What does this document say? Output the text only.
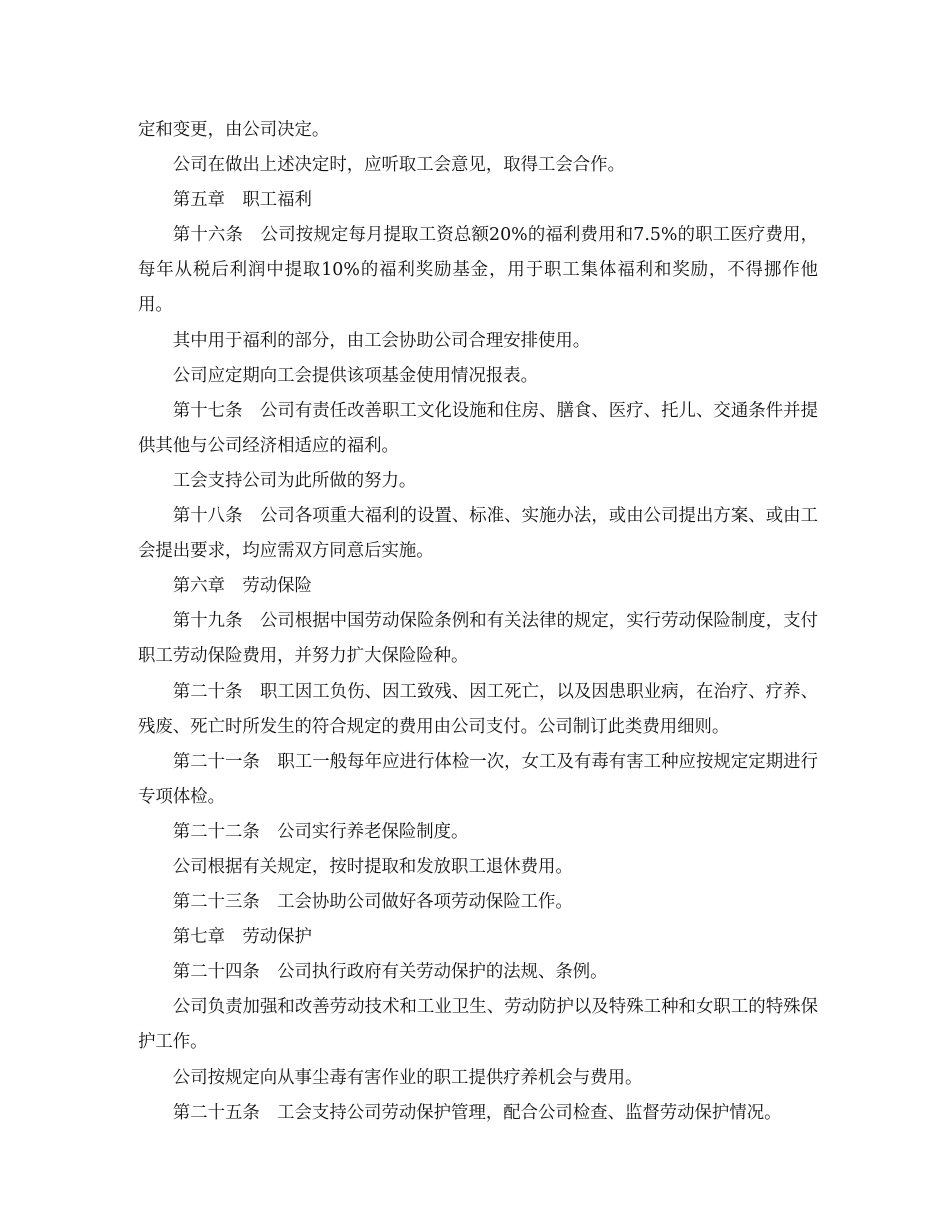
定和变更，由公司决定。

公司在做出上述决定时，应听取工会意见，取得工会合作。

第五章　职工福利

第十六条　公司按规定每月提取工资总额20%的福利费用和7.5%的职工医疗费用，每年从税后利润中提取10%的福利奖励基金，用于职工集体福利和奖励，不得挪作他用。

其中用于福利的部分，由工会协助公司合理安排使用。

公司应定期向工会提供该项基金使用情况报表。

第十七条　公司有责任改善职工文化设施和住房、膳食、医疗、托儿、交通条件并提供其他与公司经济相适应的福利。

工会支持公司为此所做的努力。

第十八条　公司各项重大福利的设置、标准、实施办法，或由公司提出方案、或由工会提出要求，均应需双方同意后实施。

第六章　劳动保险

第十九条　公司根据中国劳动保险条例和有关法律的规定，实行劳动保险制度，支付职工劳动保险费用，并努力扩大保险险种。

第二十条　职工因工负伤、因工致残、因工死亡，以及因患职业病，在治疗、疗养、残废、死亡时所发生的符合规定的费用由公司支付。公司制订此类费用细则。

第二十一条　职工一般每年应进行体检一次，女工及有毒有害工种应按规定定期进行专项体检。

第二十二条　公司实行养老保险制度。

公司根据有关规定，按时提取和发放职工退休费用。

第二十三条　工会协助公司做好各项劳动保险工作。

第七章　劳动保护

第二十四条　公司执行政府有关劳动保护的法规、条例。

公司负责加强和改善劳动技术和工业卫生、劳动防护以及特殊工种和女职工的特殊保护工作。

公司按规定向从事尘毒有害作业的职工提供疗养机会与费用。

第二十五条　工会支持公司劳动保护管理，配合公司检查、监督劳动保护情况。
